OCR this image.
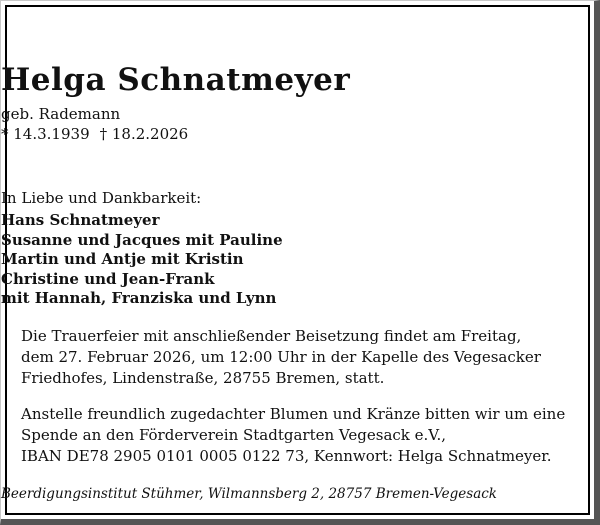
Helga Schnatmeyer
geb. Rademann
* 14.3.1939 † 18.2.2026
In Liebe und Dankbarkeit:
Hans Schnatmeyer
Susanne und Jacques mit Pauline
Martin und Antje mit Kristin
Christine und Jean-Frank
mit Hannah, Franziska und Lynn
Die Trauerfeier mit anschließender Beisetzung findet am Freitag,
dem 27. Februar 2026, um 12:00 Uhr in der Kapelle des Vegesacker
Friedhofes, Lindenstraße, 28755 Bremen, statt.
Anstelle freundlich zugedachter Blumen und Kränze bitten wir um eine
Spende an den Förderverein Stadtgarten Vegesack e.V.,
IBAN DE78 2905 0101 0005 0122 73, Kennwort: Helga Schnatmeyer.
Beerdigungsinstitut Stühmer, Wilmannsberg 2, 28757 Bremen-Vegesack
